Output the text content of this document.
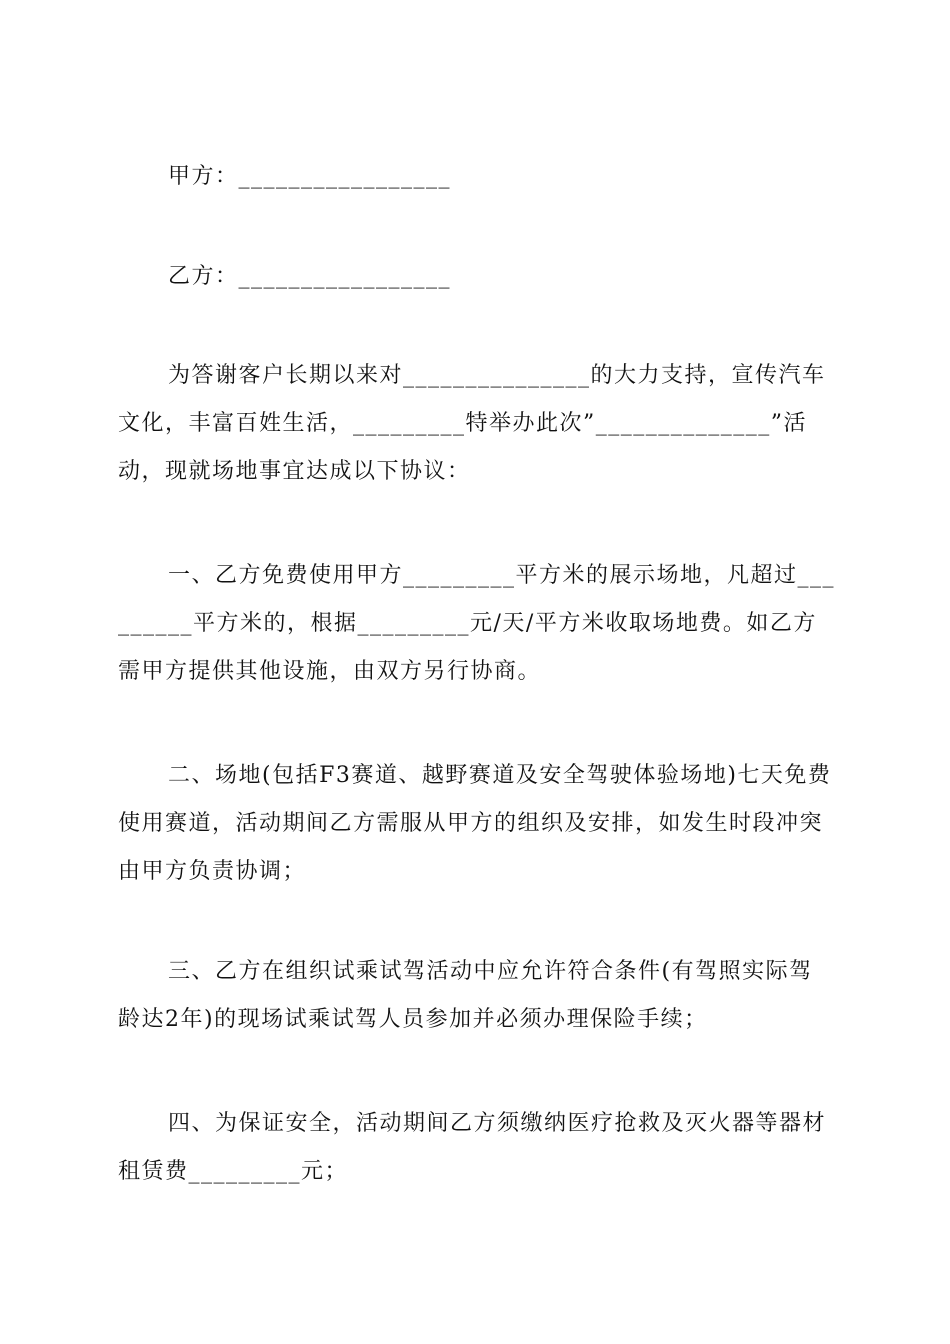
甲方：_________________
乙方：_________________

为答谢客户长期以来对_______________的大力支持，宣传汽车文化，丰富百姓生活，_________特举办此次”______________”活动，现就场地事宜达成以下协议：

一、乙方免费使用甲方_________平方米的展示场地，凡超过_________平方米的，根据_________元/天/平方米收取场地费。如乙方需甲方提供其他设施，由双方另行协商。

二、场地(包括F3赛道、越野赛道及安全驾驶体验场地)七天免费使用赛道，活动期间乙方需服从甲方的组织及安排，如发生时段冲突由甲方负责协调；

三、乙方在组织试乘试驾活动中应允许符合条件(有驾照实际驾龄达2年)的现场试乘试驾人员参加并必须办理保险手续；

四、为保证安全，活动期间乙方须缴纳医疗抢救及灭火器等器材租赁费_________元；
